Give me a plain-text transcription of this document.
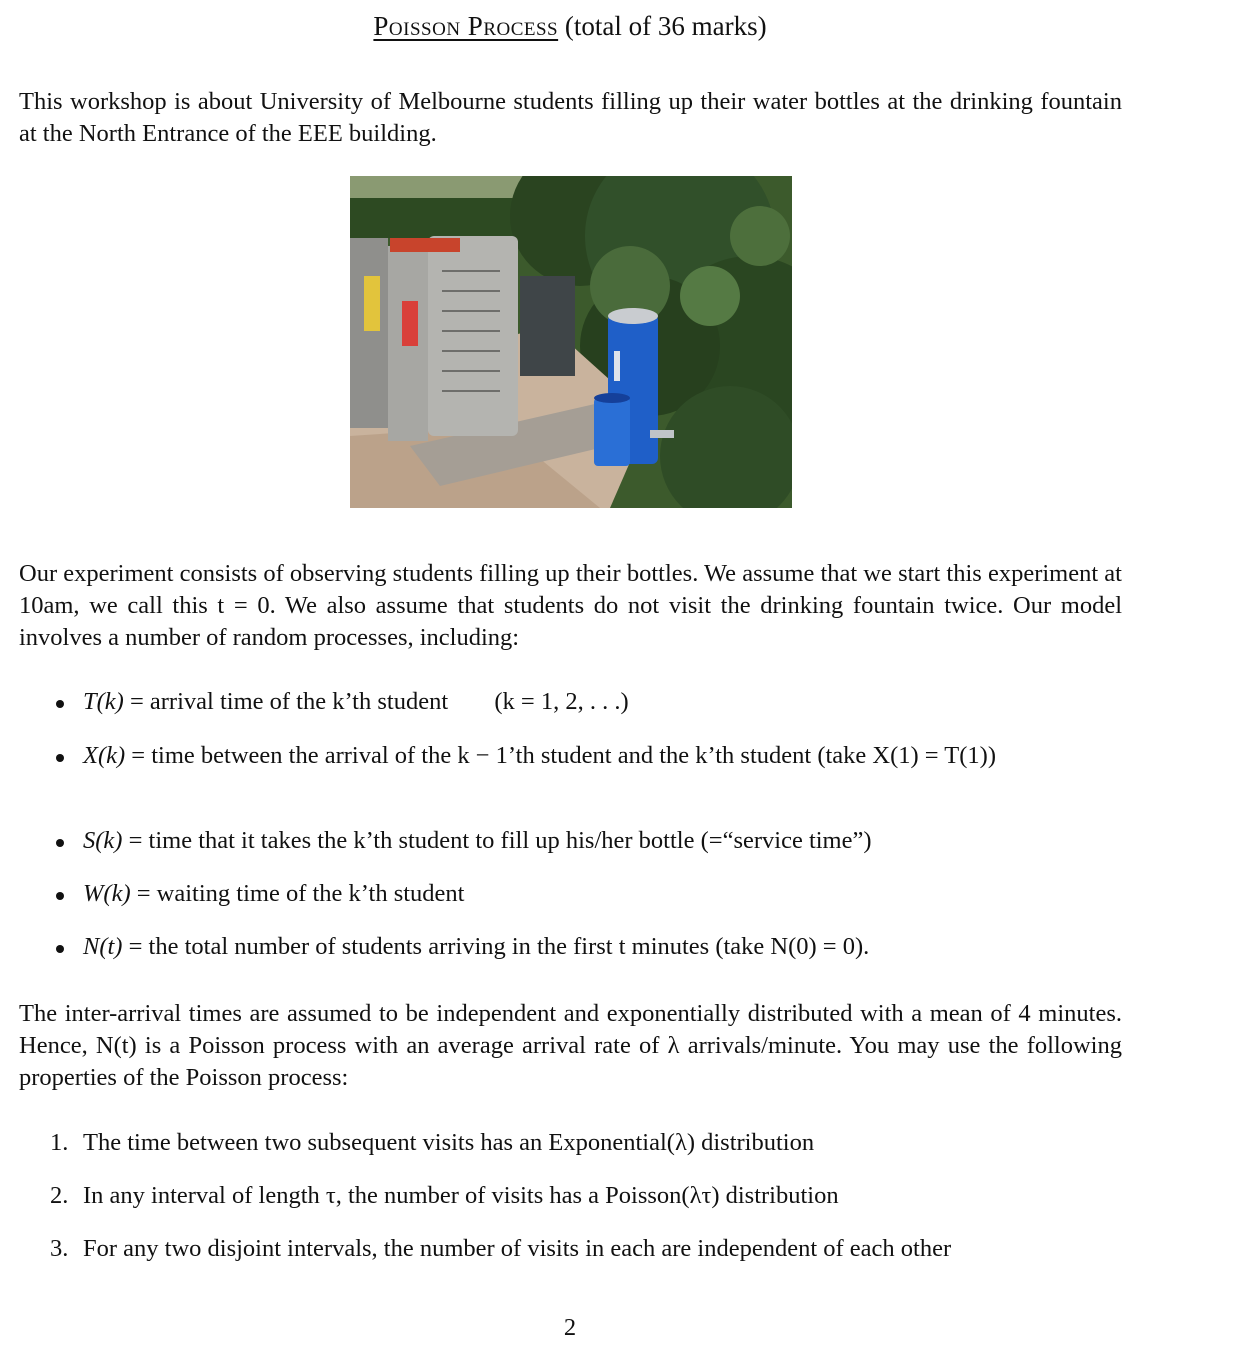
Poisson Process (total of 36 marks)

This workshop is about University of Melbourne students filling up their water bottles at the drinking fountain at the North Entrance of the EEE building.

Our experiment consists of observing students filling up their bottles. We assume that we start this experiment at 10am, we call this t = 0. We also assume that students do not visit the drinking fountain twice. Our model involves a number of random processes, including:

T(k) = arrival time of the k’th student (k = 1, 2, . . .)
X(k) = time between the arrival of the k − 1’th student and the k’th student (take X(1) = T(1))
S(k) = time that it takes the k’th student to fill up his/her bottle (=“service time”)
W(k) = waiting time of the k’th student
N(t) = the total number of students arriving in the first t minutes (take N(0) = 0).

The inter-arrival times are assumed to be independent and exponentially distributed with a mean of 4 minutes. Hence, N(t) is a Poisson process with an average arrival rate of λ arrivals/minute. You may use the following properties of the Poisson process:

1. The time between two subsequent visits has an Exponential(λ) distribution
2. In any interval of length τ, the number of visits has a Poisson(λτ) distribution
3. For any two disjoint intervals, the number of visits in each are independent of each other
2
